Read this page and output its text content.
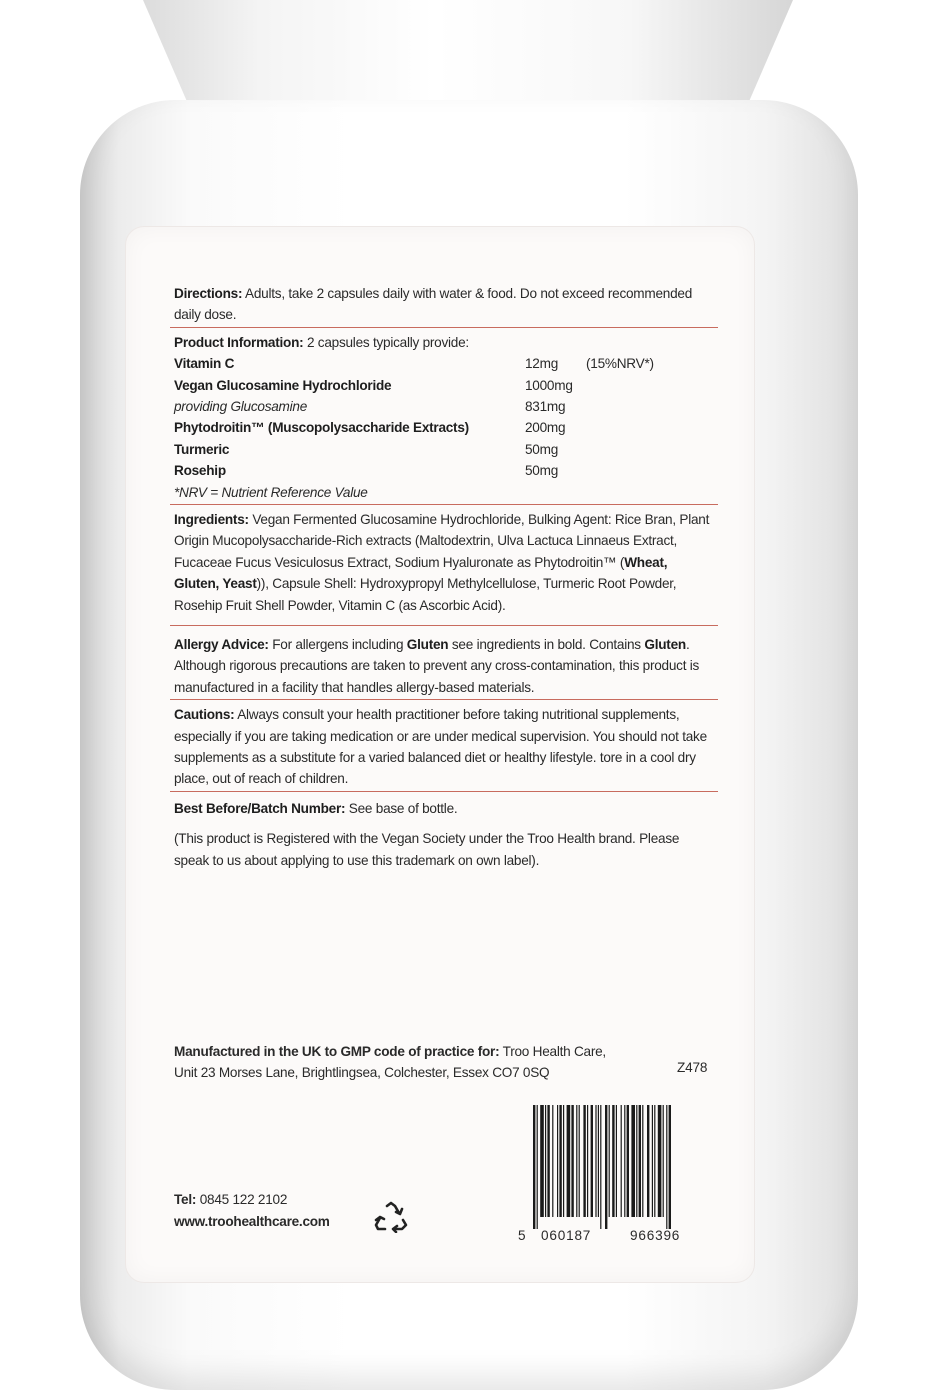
Directions: Adults, take 2 capsules daily with water & food. Do not exceed recommended daily dose.
Product Information: 2 capsules typically provide:
Vitamin C	12mg (15%NRV*)
Vegan Glucosamine Hydrochloride	1000mg
providing Glucosamine	831mg
Phytodroitin™ (Muscopolysaccharide Extracts)	200mg
Turmeric	50mg
Rosehip	50mg
*NRV = Nutrient Reference Value
Ingredients: Vegan Fermented Glucosamine Hydrochloride, Bulking Agent: Rice Bran, Plant Origin Mucopolysaccharide-Rich extracts (Maltodextrin, Ulva Lactuca Linnaeus Extract, Fucaceae Fucus Vesiculosus Extract, Sodium Hyaluronate as Phytodroitin™ (Wheat, Gluten, Yeast)), Capsule Shell: Hydroxypropyl Methylcellulose, Turmeric Root Powder, Rosehip Fruit Shell Powder, Vitamin C (as Ascorbic Acid).
Allergy Advice: For allergens including Gluten see ingredients in bold. Contains Gluten. Although rigorous precautions are taken to prevent any cross-contamination, this product is manufactured in a facility that handles allergy-based materials.
Cautions: Always consult your health practitioner before taking nutritional supplements, especially if you are taking medication or are under medical supervision. You should not take supplements as a substitute for a varied balanced diet or healthy lifestyle. tore in a cool dry place, out of reach of children.
Best Before/Batch Number: See base of bottle.
(This product is Registered with the Vegan Society under the Troo Health brand. Please speak to us about applying to use this trademark on own label).
Manufactured in the UK to GMP code of practice for: Troo Health Care,
Unit 23 Morses Lane, Brightlingsea, Colchester, Essex CO7 0SQ	Z478
Tel: 0845 122 2102
www.troohealthcare.com
5 060187	966396
